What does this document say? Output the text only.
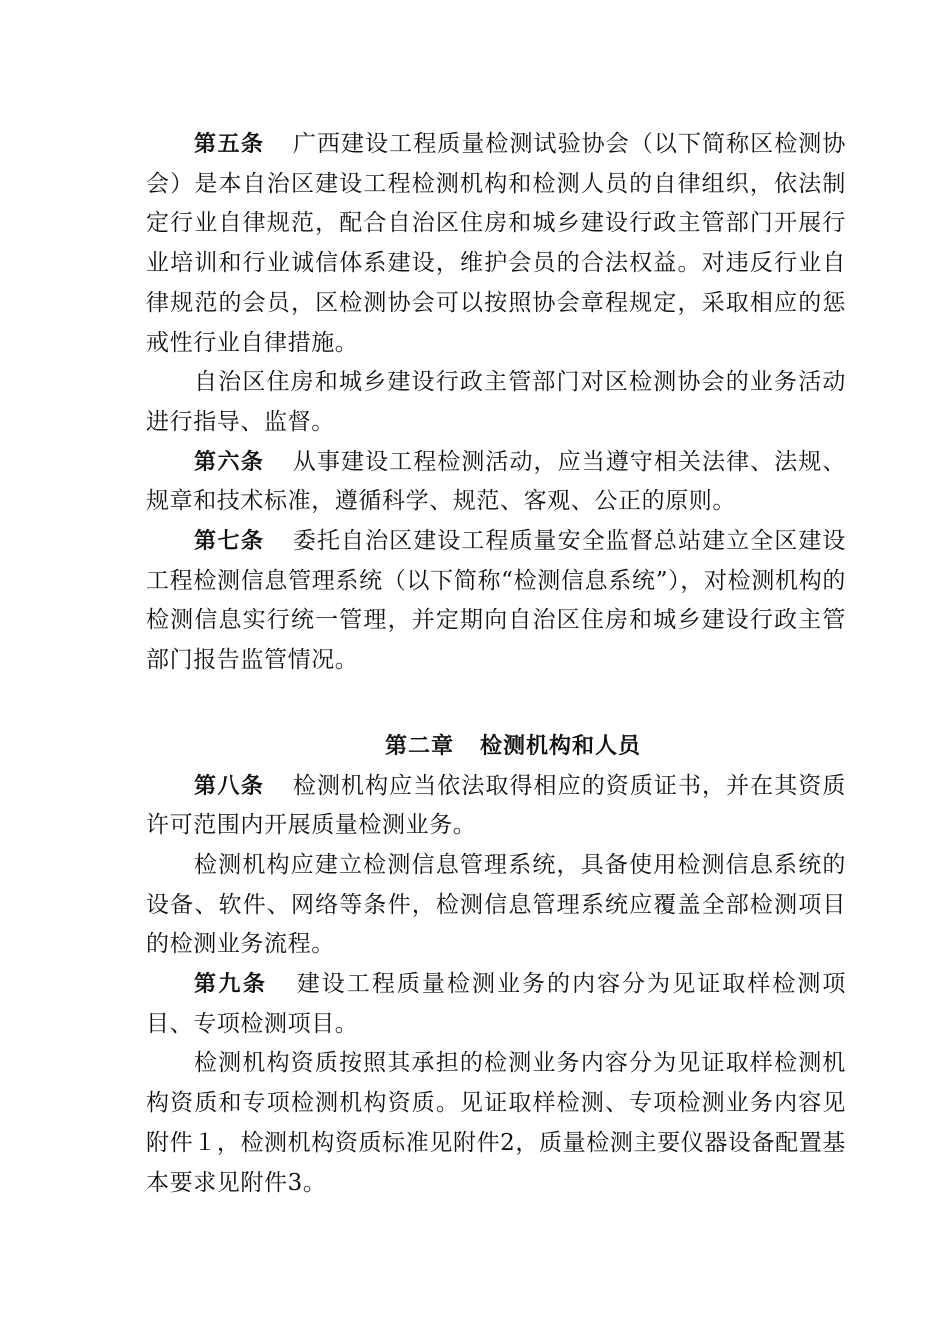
第五条 广西建设工程质量检测试验协会（以下简称区检测协会）是本自治区建设工程检测机构和检测人员的自律组织，依法制定行业自律规范，配合自治区住房和城乡建设行政主管部门开展行业培训和行业诚信体系建设，维护会员的合法权益。对违反行业自律规范的会员，区检测协会可以按照协会章程规定，采取相应的惩戒性行业自律措施。

自治区住房和城乡建设行政主管部门对区检测协会的业务活动进行指导、监督。

第六条 从事建设工程检测活动，应当遵守相关法律、法规、规章和技术标准，遵循科学、规范、客观、公正的原则。

第七条 委托自治区建设工程质量安全监督总站建立全区建设工程检测信息管理系统（以下简称“检测信息系统”），对检测机构的检测信息实行统一管理，并定期向自治区住房和城乡建设行政主管部门报告监管情况。

第二章 检测机构和人员

第八条 检测机构应当依法取得相应的资质证书，并在其资质许可范围内开展质量检测业务。

检测机构应建立检测信息管理系统，具备使用检测信息系统的设备、软件、网络等条件，检测信息管理系统应覆盖全部检测项目的检测业务流程。

第九条 建设工程质量检测业务的内容分为见证取样检测项目、专项检测项目。

检测机构资质按照其承担的检测业务内容分为见证取样检测机构资质和专项检测机构资质。见证取样检测、专项检测业务内容见附件１，检测机构资质标准见附件2，质量检测主要仪器设备配置基本要求见附件3。
